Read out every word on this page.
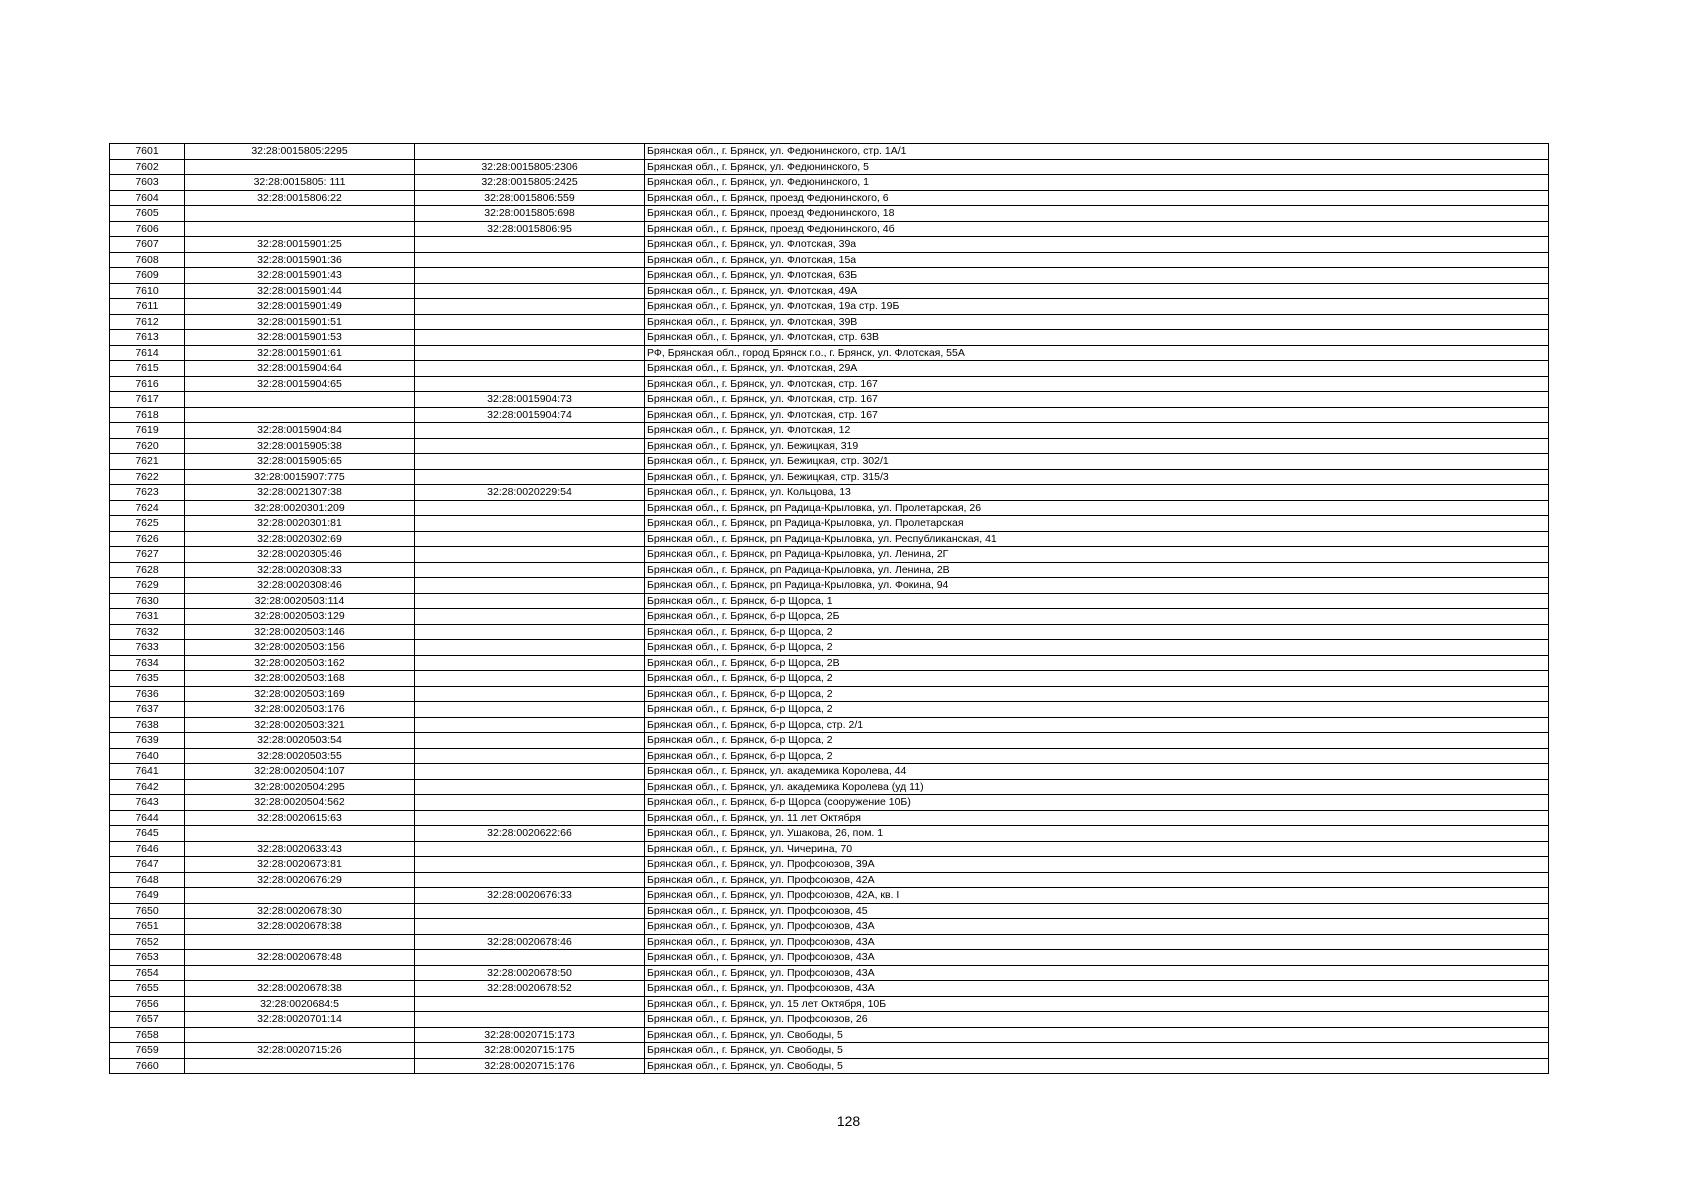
7601	32:28:0015805:2295		Брянская обл., г. Брянск, ул. Федюнинского, стр. 1А/1
7602		32:28:0015805:2306	Брянская обл., г. Брянск, ул. Федюнинского, 5
7603	32:28:0015805: 111	32:28:0015805:2425	Брянская обл., г. Брянск, ул. Федюнинского, 1
7604	32:28:0015806:22	32:28:0015806:559	Брянская обл., г. Брянск, проезд Федюнинского, 6
7605		32:28:0015805:698	Брянская обл., г. Брянск, проезд Федюнинского, 18
7606		32:28:0015806:95	Брянская обл., г. Брянск, проезд Федюнинского, 4б
7607	32:28:0015901:25		Брянская обл., г. Брянск, ул. Флотская, 39а
7608	32:28:0015901:36		Брянская обл., г. Брянск, ул. Флотская, 15а
7609	32:28:0015901:43		Брянская обл., г. Брянск, ул. Флотская, 63Б
7610	32:28:0015901:44		Брянская обл., г. Брянск, ул. Флотская, 49А
7611	32:28:0015901:49		Брянская обл., г. Брянск, ул. Флотская, 19а стр. 19Б
7612	32:28:0015901:51		Брянская обл., г. Брянск, ул. Флотская, 39В
7613	32:28:0015901:53		Брянская обл., г. Брянск, ул. Флотская, стр. 63В
7614	32:28:0015901:61		РФ, Брянская обл., город Брянск г.о., г. Брянск, ул. Флотская, 55А
7615	32:28:0015904:64		Брянская обл., г. Брянск, ул. Флотская, 29А
7616	32:28:0015904:65		Брянская обл., г. Брянск, ул. Флотская, стр. 167
7617		32:28:0015904:73	Брянская обл., г. Брянск, ул. Флотская, стр. 167
7618		32:28:0015904:74	Брянская обл., г. Брянск, ул. Флотская, стр. 167
7619	32:28:0015904:84		Брянская обл., г. Брянск, ул. Флотская, 12
7620	32:28:0015905:38		Брянская обл., г. Брянск, ул. Бежицкая, 319
7621	32:28:0015905:65		Брянская обл., г. Брянск, ул. Бежицкая, стр. 302/1
7622	32:28:0015907:775		Брянская обл., г. Брянск, ул. Бежицкая, стр. 315/3
7623	32:28:0021307:38	32:28:0020229:54	Брянская обл., г. Брянск, ул. Кольцова, 13
7624	32:28:0020301:209		Брянская обл., г. Брянск, рп Радица-Крыловка, ул. Пролетарская, 26
7625	32:28:0020301:81		Брянская обл., г. Брянск, рп Радица-Крыловка, ул. Пролетарская
7626	32:28:0020302:69		Брянская обл., г. Брянск, рп Радица-Крыловка, ул. Республиканская, 41
7627	32:28:0020305:46		Брянская обл., г. Брянск, рп Радица-Крыловка, ул. Ленина, 2Г
7628	32:28:0020308:33		Брянская обл., г. Брянск, рп Радица-Крыловка, ул. Ленина, 2В
7629	32:28:0020308:46		Брянская обл., г. Брянск, рп Радица-Крыловка, ул. Фокина, 94
7630	32:28:0020503:114		Брянская обл., г. Брянск, б-р Щорса, 1
7631	32:28:0020503:129		Брянская обл., г. Брянск, б-р Щорса, 2Б
7632	32:28:0020503:146		Брянская обл., г. Брянск, б-р Щорса, 2
7633	32:28:0020503:156		Брянская обл., г. Брянск, б-р Щорса, 2
7634	32:28:0020503:162		Брянская обл., г. Брянск, б-р Щорса, 2В
7635	32:28:0020503:168		Брянская обл., г. Брянск, б-р Щорса, 2
7636	32:28:0020503:169		Брянская обл., г. Брянск, б-р Щорса, 2
7637	32:28:0020503:176		Брянская обл., г. Брянск, б-р Щорса, 2
7638	32:28:0020503:321		Брянская обл., г. Брянск, б-р Щорса, стр. 2/1
7639	32:28:0020503:54		Брянская обл., г. Брянск, б-р Щорса, 2
7640	32:28:0020503:55		Брянская обл., г. Брянск, б-р Щорса, 2
7641	32:28:0020504:107		Брянская обл., г. Брянск, ул. академика Королева, 44
7642	32:28:0020504:295		Брянская обл., г. Брянск, ул. академика Королева (уд 11)
7643	32:28:0020504:562		Брянская обл., г. Брянск, б-р Щорса (сооружение 10Б)
7644	32:28:0020615:63		Брянская обл., г. Брянск, ул. 11 лет Октября
7645		32:28:0020622:66	Брянская обл., г. Брянск, ул. Ушакова, 26, пом. 1
7646	32:28:0020633:43		Брянская обл., г. Брянск, ул. Чичерина, 70
7647	32:28:0020673:81		Брянская обл., г. Брянск, ул. Профсоюзов, 39А
7648	32:28:0020676:29		Брянская обл., г. Брянск, ул. Профсоюзов, 42А
7649		32:28:0020676:33	Брянская обл., г. Брянск, ул. Профсоюзов, 42А, кв. I
7650	32:28:0020678:30		Брянская обл., г. Брянск, ул. Профсоюзов, 45
7651	32:28:0020678:38		Брянская обл., г. Брянск, ул. Профсоюзов, 43А
7652		32:28:0020678:46	Брянская обл., г. Брянск, ул. Профсоюзов, 43А
7653	32:28:0020678:48		Брянская обл., г. Брянск, ул. Профсоюзов, 43А
7654		32:28:0020678:50	Брянская обл., г. Брянск, ул. Профсоюзов, 43А
7655	32:28:0020678:38	32:28:0020678:52	Брянская обл., г. Брянск, ул. Профсоюзов, 43А
7656	32:28:0020684:5		Брянская обл., г. Брянск, ул. 15 лет Октября, 10Б
7657	32:28:0020701:14		Брянская обл., г. Брянск, ул. Профсоюзов, 26
7658		32:28:0020715:173	Брянская обл., г. Брянск, ул. Свободы, 5
7659	32:28:0020715:26	32:28:0020715:175	Брянская обл., г. Брянск, ул. Свободы, 5
7660		32:28:0020715:176	Брянская обл., г. Брянск, ул. Свободы, 5
128
